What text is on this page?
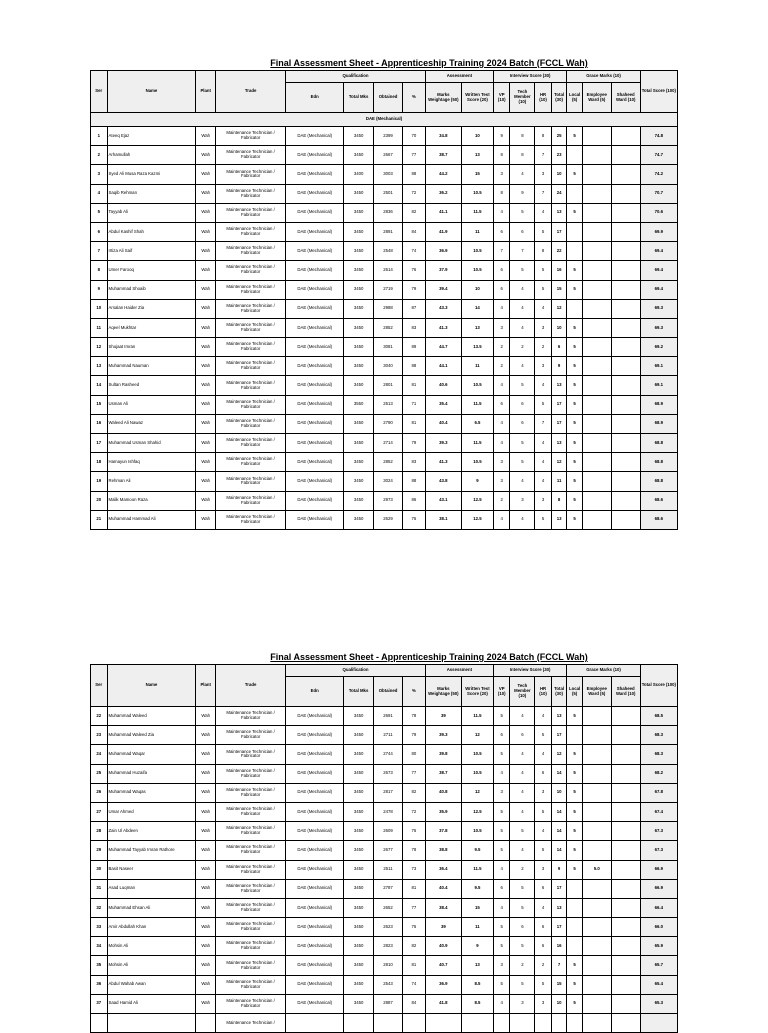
Final Assessment Sheet - Apprenticeship Training 2024 Batch (FCCL Wah)
Ser	Name	Plant	Trade	Qualification				Assessment		Interview Score (30)				Grace Marks (10)			Total Score (100)
				Edn	Total Mks	Obtained	%	Marks Weightage (50)	Written Test Score (20)	VP (10)	Tech Member (10)	HR (10)	Total (30)	Local (5)	Employee Ward (5)	Shaheed Ward (10)	
DAE (Mechanical)																	
1	Ateeq Ejaz	Wah	Maintenance Technician / Fabricator	DAE (Mechanical)	3450	2399	70	34.8	10	9	8	8	25	5			74.8
2	Arhamullah	Wah	Maintenance Technician / Fabricator	DAE (Mechanical)	3450	2667	77	38.7	13	8	8	7	23				74.7
3	Syed Ali Musa Raza Kazmi	Wah	Maintenance Technician / Fabricator	DAE (Mechanical)	3400	3003	88	44.2	15	3	4	3	10	5			74.2
4	Saqib Rehman	Wah	Maintenance Technician / Fabricator	DAE (Mechanical)	3450	2501	72	36.2	10.5	8	9	7	24				70.7
5	Tayyab Ali	Wah	Maintenance Technician / Fabricator	DAE (Mechanical)	3450	2836	82	41.1	11.5	4	5	4	13	5			70.6
6	Abdul Kashif Shah	Wah	Maintenance Technician / Fabricator	DAE (Mechanical)	3450	2891	84	41.9	11	6	6	5	17				69.9
7	Irtiza Ali Saif	Wah	Maintenance Technician / Fabricator	DAE (Mechanical)	3450	2548	74	36.9	10.5	7	7	8	22				69.4
8	Umer Farooq	Wah	Maintenance Technician / Fabricator	DAE (Mechanical)	3450	2614	76	37.9	10.5	6	5	5	16	5			69.4
9	Muhammad Shoaib	Wah	Maintenance Technician / Fabricator	DAE (Mechanical)	3450	2719	79	39.4	10	6	4	5	15	5			69.4
10	Arsalan Haider Zia	Wah	Maintenance Technician / Fabricator	DAE (Mechanical)	3450	2988	87	43.3	14	4	4	4	12				69.3
11	Aqeel Mukhtar	Wah	Maintenance Technician / Fabricator	DAE (Mechanical)	3450	2852	83	41.3	13	3	4	3	10	5			69.3
12	Shujaat Imran	Wah	Maintenance Technician / Fabricator	DAE (Mechanical)	3450	3081	89	44.7	13.5	2	2	2	6	5			69.2
13	Muhammad Nauman	Wah	Maintenance Technician / Fabricator	DAE (Mechanical)	3450	3040	88	44.1	11	2	4	3	9	5			69.1
14	Sultan Rasheed	Wah	Maintenance Technician / Fabricator	DAE (Mechanical)	3450	2801	81	40.6	10.5	4	5	4	13	5			69.1
15	Usman Ali	Wah	Maintenance Technician / Fabricator	DAE (Mechanical)	3550	2513	71	35.4	11.5	6	6	5	17	5			68.9
16	Waleed Ali Nawaz	Wah	Maintenance Technician / Fabricator	DAE (Mechanical)	3450	2790	81	40.4	6.5	4	6	7	17	5			68.9
17	Muhammad Usman Shahid	Wah	Maintenance Technician / Fabricator	DAE (Mechanical)	3450	2714	79	39.3	11.5	4	5	4	13	5			68.8
18	Hamayun Ishfaq	Wah	Maintenance Technician / Fabricator	DAE (Mechanical)	3450	2852	83	41.3	10.5	3	5	4	12	5			68.8
19	Rehman Ali	Wah	Maintenance Technician / Fabricator	DAE (Mechanical)	3450	3024	88	43.8	9	3	4	4	11	5			68.8
20	Malik Mamoon Raza	Wah	Maintenance Technician / Fabricator	DAE (Mechanical)	3450	2973	86	43.1	12.5	2	3	3	8	5			68.6
21	Muhammad Hammad Ali	Wah	Maintenance Technician / Fabricator	DAE (Mechanical)	3450	2629	76	38.1	12.5	4	4	5	13	5			68.6
Final Assessment Sheet - Apprenticeship Training 2024 Batch (FCCL Wah)
Ser	Name	Plant	Trade	Qualification				Assessment		Interview Score (30)				Grace Marks (10)			Total Score (100)
				Edn	Total Mks	Obtained	%	Marks Weightage (50)	Written Test Score (20)	VP (10)	Tech Member (10)	HR (10)	Total (30)	Local (5)	Employee Ward (5)	Shaheed Ward (10)	
22	Muhammad Waleed	Wah	Maintenance Technician / Fabricator	DAE (Mechanical)	3450	2691	78	39	11.5	5	4	4	13	5			68.5
23	Muhammad Waleed Zia	Wah	Maintenance Technician / Fabricator	DAE (Mechanical)	3450	2711	79	39.3	12	6	6	5	17				68.3
24	Muhammad Waqar	Wah	Maintenance Technician / Fabricator	DAE (Mechanical)	3450	2744	80	39.8	10.5	5	4	4	12	5			68.3
25	Muhammad Huzaifa	Wah	Maintenance Technician / Fabricator	DAE (Mechanical)	3450	2673	77	38.7	10.5	4	4	6	14	5			68.2
26	Muhammad Waqas	Wah	Maintenance Technician / Fabricator	DAE (Mechanical)	3450	2817	82	40.8	12	3	4	3	10	5			67.8
27	Umar Ahmed	Wah	Maintenance Technician / Fabricator	DAE (Mechanical)	3450	2478	72	35.9	12.5	5	4	5	14	5			67.4
28	Zain Ul Abdeen	Wah	Maintenance Technician / Fabricator	DAE (Mechanical)	3450	2609	76	37.8	10.5	5	5	4	14	5			67.3
29	Muhammad Tayyab Imran Rathore	Wah	Maintenance Technician / Fabricator	DAE (Mechanical)	3450	2677	78	38.8	9.5	5	4	5	14	5			67.3
30	Basit Naseer	Wah	Maintenance Technician / Fabricator	DAE (Mechanical)	3450	2511	73	36.4	11.5	4	2	3	9	5	5.0		66.9
31	Asad Luqman	Wah	Maintenance Technician / Fabricator	DAE (Mechanical)	3450	2787	81	40.4	9.5	6	5	6	17				66.9
32	Muhammad Ehsan Ali	Wah	Maintenance Technician / Fabricator	DAE (Mechanical)	3450	2652	77	38.4	15	4	5	4	13				66.4
33	Amir Abdullah Khan	Wah	Maintenance Technician / Fabricator	DAE (Mechanical)	3450	2623	76	39	11	5	6	6	17				66.0
34	Mohsin Ali	Wah	Maintenance Technician / Fabricator	DAE (Mechanical)	3450	2823	82	40.9	9	5	5	6	16				65.9
35	Mohsin Ali	Wah	Maintenance Technician / Fabricator	DAE (Mechanical)	3450	2810	81	40.7	13	3	2	2	7	5			65.7
36	Abdul Wahab Awan	Wah	Maintenance Technician / Fabricator	DAE (Mechanical)	3450	2543	74	36.9	8.5	5	5	5	15	5			65.4
37	Saad Hamid Ali	Wah	Maintenance Technician / Fabricator	DAE (Mechanical)	3450	2887	84	41.8	8.5	4	3	3	10	5			65.3
			Maintenance Technician /														
